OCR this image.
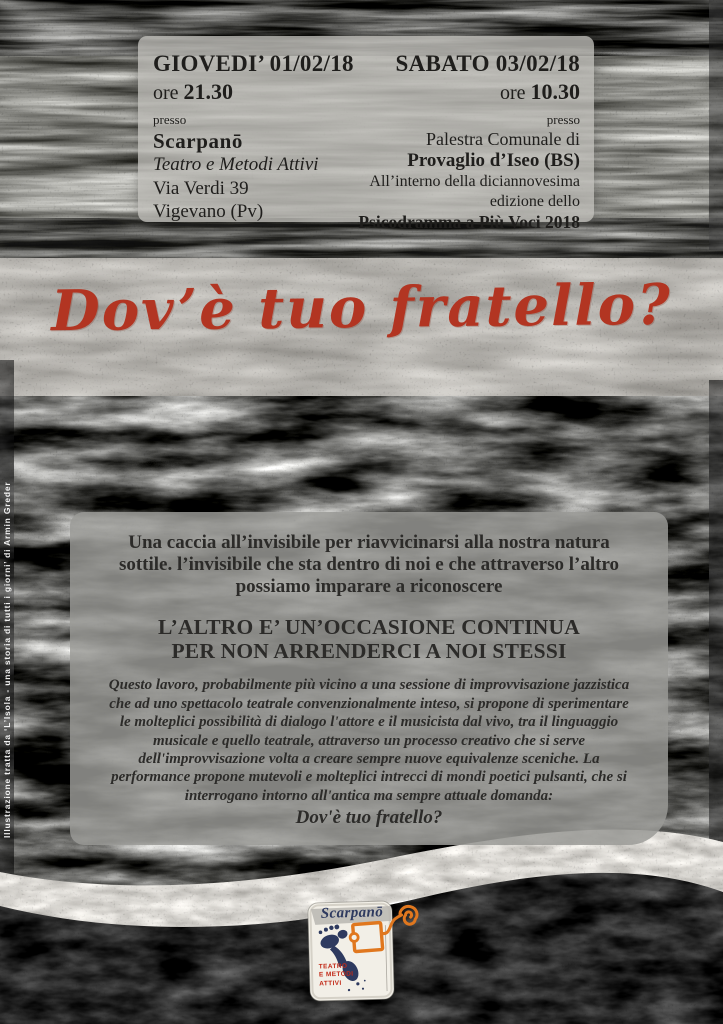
Illustrazione tratta da ‘L’Isola - una storia di tutti i giorni’ di Armin Greder
GIOVEDI’ 01/02/18
ore 21.30
presso
Scarpanō
Teatro e Metodi Attivi
Via Verdi 39
Vigevano (Pv)
SABATO 03/02/18
ore 10.30
presso
Palestra Comunale di
Provaglio d’Iseo (BS)
All’interno della diciannovesima
edizione dello
Psicodramma a Più Voci 2018
Dov’è tuo fratello?
Una caccia all’invisibile per riavvicinarsi alla nostra natura
sottile. l’invisibile che sta dentro di noi e che attraverso l’altro
possiamo imparare a riconoscere
L’ALTRO E’ UN’OCCASIONE CONTINUA
PER NON ARRENDERCI A NOI STESSI
Questo lavoro, probabilmente più vicino a una sessione di improvvisazione jazzistica
che ad uno spettacolo teatrale convenzionalmente inteso, si propone di sperimentare
le molteplici possibilità di dialogo l'attore e il musicista dal vivo, tra il linguaggio
musicale e quello teatrale, attraverso un processo creativo che si serve
dell'improvvisazione volta a creare sempre nuove equivalenze sceniche. La
performance propone mutevoli e molteplici intrecci di mondi poetici pulsanti, che si
interrogano intorno all'antica ma sempre attuale domanda:
Dov'è tuo fratello?
Scarpanō
TEATRO
E METODI
ATTIVI
